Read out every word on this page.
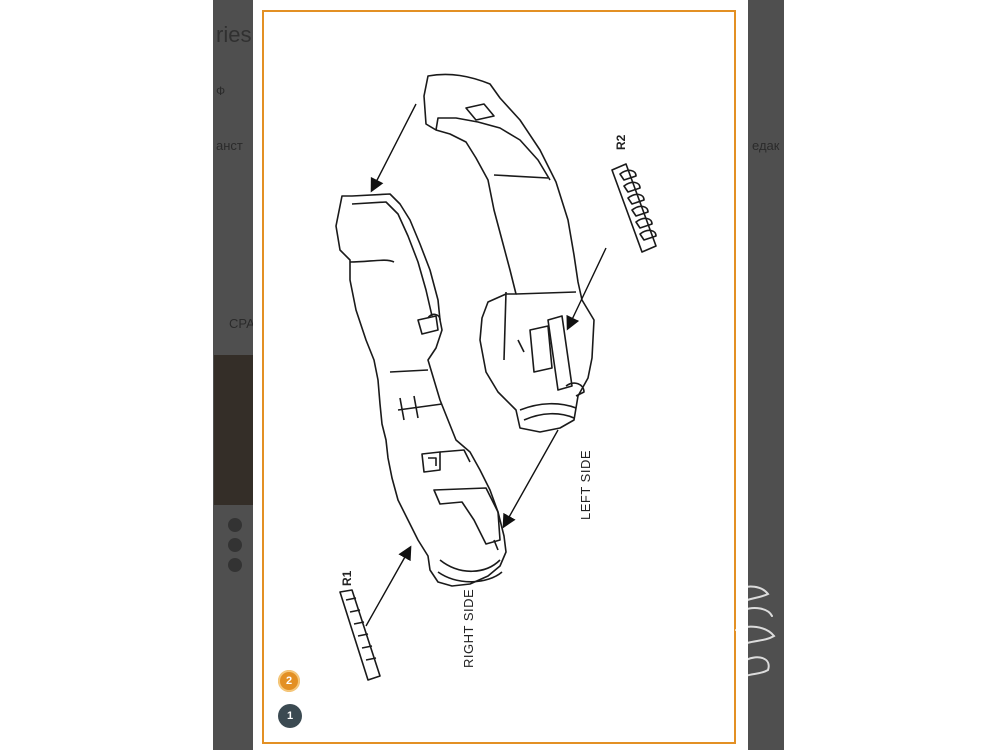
R1
R2
RIGHT SIDE
LEFT SIDE
2
1
